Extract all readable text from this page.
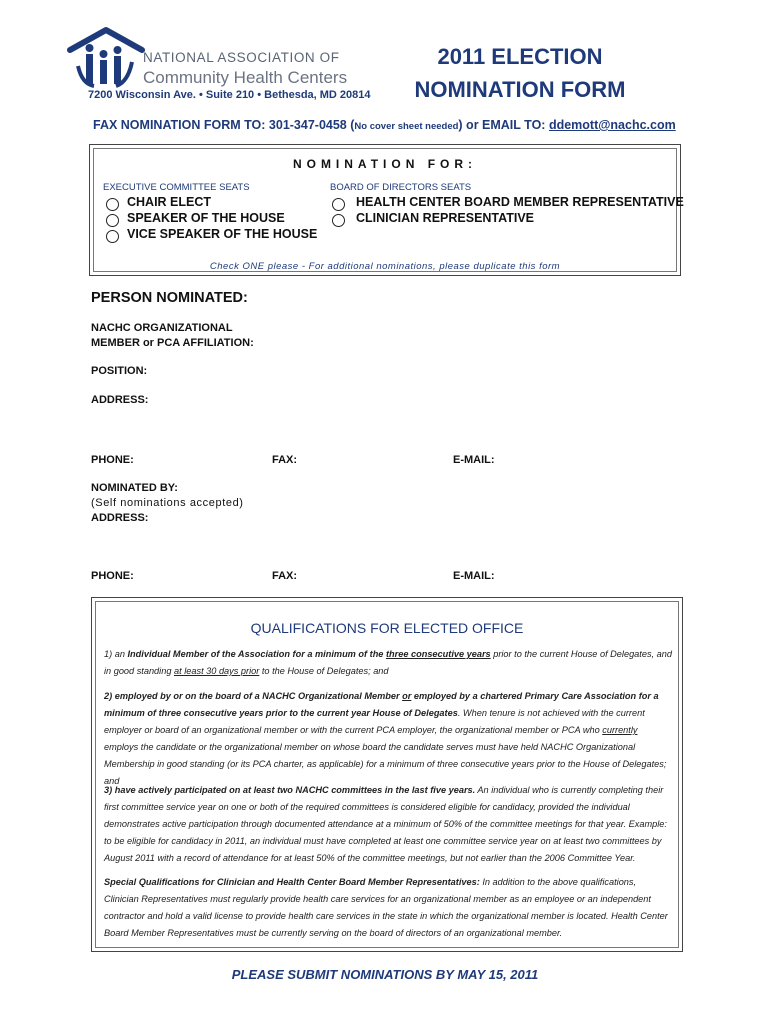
NATIONAL ASSOCIATION OF
Community Health Centers
7200 Wisconsin Ave. • Suite 210 • Bethesda, MD 20814
2011 ELECTION
NOMINATION FORM
FAX NOMINATION FORM TO: 301-347-0458 (No cover sheet needed) or EMAIL TO: ddemott@nachc.com
NOMINATION FOR:
EXECUTIVE COMMITTEE SEATS
CHAIR ELECT
SPEAKER OF THE HOUSE
VICE SPEAKER OF THE HOUSE
BOARD OF DIRECTORS SEATS
HEALTH CENTER BOARD MEMBER REPRESENTATIVE
CLINICIAN REPRESENTATIVE
Check ONE please - For additional nominations, please duplicate this form
PERSON NOMINATED:
NACHC ORGANIZATIONAL
MEMBER or PCA AFFILIATION:
POSITION:
ADDRESS:
PHONE:	FAX:	E-MAIL:
NOMINATED BY:
(Self nominations accepted)
ADDRESS:
PHONE:	FAX:	E-MAIL:
QUALIFICATIONS FOR ELECTED OFFICE
1) an Individual Member of the Association for a minimum of the three consecutive years prior to the current House of Delegates, and in good standing at least 30 days prior to the House of Delegates; and
2) employed by or on the board of a NACHC Organizational Member or employed by a chartered Primary Care Association for a minimum of three consecutive years prior to the current year House of Delegates. When tenure is not achieved with the current employer or board of an organizational member or with the current PCA employer, the organizational member or PCA who currently employs the candidate or the organizational member on whose board the candidate serves must have held NACHC Organizational Membership in good standing (or its PCA charter, as applicable) for a minimum of three consecutive years prior to the House of Delegates; and
3) have actively participated on at least two NACHC committees in the last five years. An individual who is currently completing their first committee service year on one or both of the required committees is considered eligible for candidacy, provided the individual demonstrates active participation through documented attendance at a minimum of 50% of the committee meetings for that year. Example: to be eligible for candidacy in 2011, an individual must have completed at least one committee service year on at least two committees by August 2011 with a record of attendance for at least 50% of the committee meetings, but not earlier than the 2006 Committee Year.
Special Qualifications for Clinician and Health Center Board Member Representatives: In addition to the above qualifications, Clinician Representatives must regularly provide health care services for an organizational member as an employee or an independent contractor and hold a valid license to provide health care services in the state in which the organizational member is located. Health Center Board Member Representatives must be currently serving on the board of directors of an organizational member.
PLEASE SUBMIT NOMINATIONS BY MAY 15, 2011
